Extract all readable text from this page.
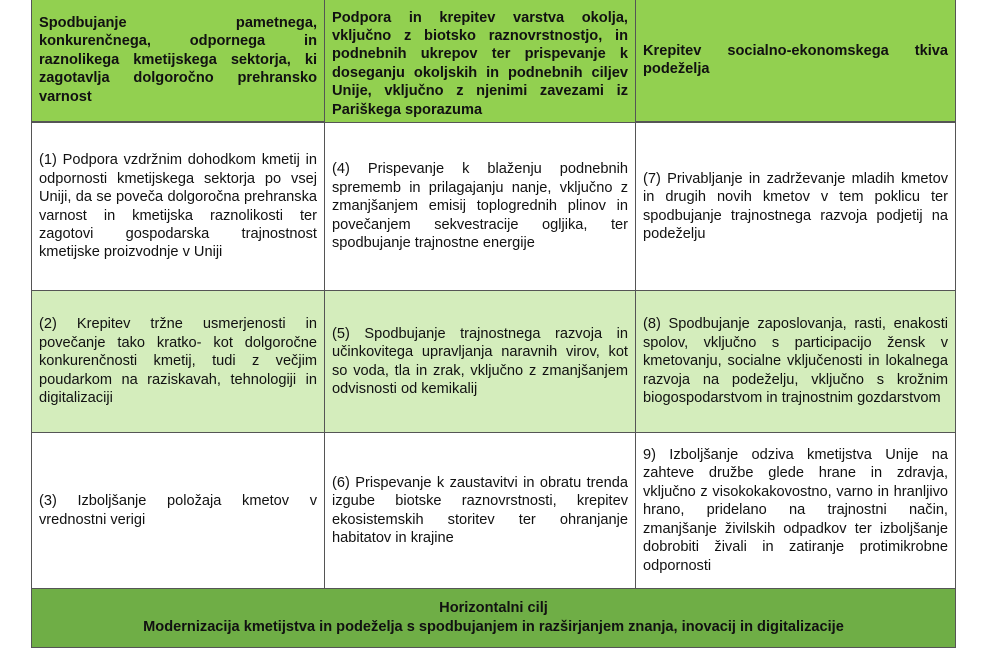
Spodbujanje pametnega, konkurenčnega, odpornega in raznolikega kmetijskega sektorja, ki zagotavlja dolgoročno prehransko varnost
Podpora in krepitev varstva okolja, vključno z biotsko raznovrstnostjo, in podnebnih ukrepov ter prispevanje k doseganju okoljskih in podnebnih ciljev Unije, vključno z njenimi zavezami iz Pariškega sporazuma
Krepitev socialno-ekonomskega tkiva podeželja
(1) Podpora vzdržnim dohodkom kmetij in odpornosti kmetijskega sektorja po vsej Uniji, da se poveča dolgoročna prehranska varnost in kmetijska raznolikosti ter zagotovi gospodarska trajnostnost kmetijske proizvodnje v Uniji
(4) Prispevanje k blaženju podnebnih sprememb in prilagajanju nanje, vključno z zmanjšanjem emisij toplogrednih plinov in povečanjem sekvestracije ogljika, ter spodbujanje trajnostne energije
(7) Privabljanje in zadrževanje mladih kmetov in drugih novih kmetov v tem poklicu ter spodbujanje trajnostnega razvoja podjetij na podeželju
(2) Krepitev tržne usmerjenosti in povečanje tako kratko- kot dolgoročne konkurenčnosti kmetij, tudi z večjim poudarkom na raziskavah, tehnologiji in digitalizaciji
(5) Spodbujanje trajnostnega razvoja in učinkovitega upravljanja naravnih virov, kot so voda, tla in zrak, vključno z zmanjšanjem odvisnosti od kemikalij
(8) Spodbujanje zaposlovanja, rasti, enakosti spolov, vključno s participacijo žensk v kmetovanju, socialne vključenosti in lokalnega razvoja na podeželju, vključno s krožnim biogospodarstvom in trajnostnim gozdarstvom
(3) Izboljšanje položaja kmetov v vrednostni verigi
(6) Prispevanje k zaustavitvi in obratu trenda izgube biotske raznovrstnosti, krepitev ekosistemskih storitev ter ohranjanje habitatov in krajine
9) Izboljšanje odziva kmetijstva Unije na zahteve družbe glede hrane in zdravja, vključno z visokokakovostno, varno in hranljivo hrano, pridelano na trajnostni način, zmanjšanje živilskih odpadkov ter izboljšanje dobrobiti živali in zatiranje protimikrobne odpornosti
Horizontalni cilj
Modernizacija kmetijstva in podeželja s spodbujanjem in razširjanjem znanja, inovacij in digitalizacije
